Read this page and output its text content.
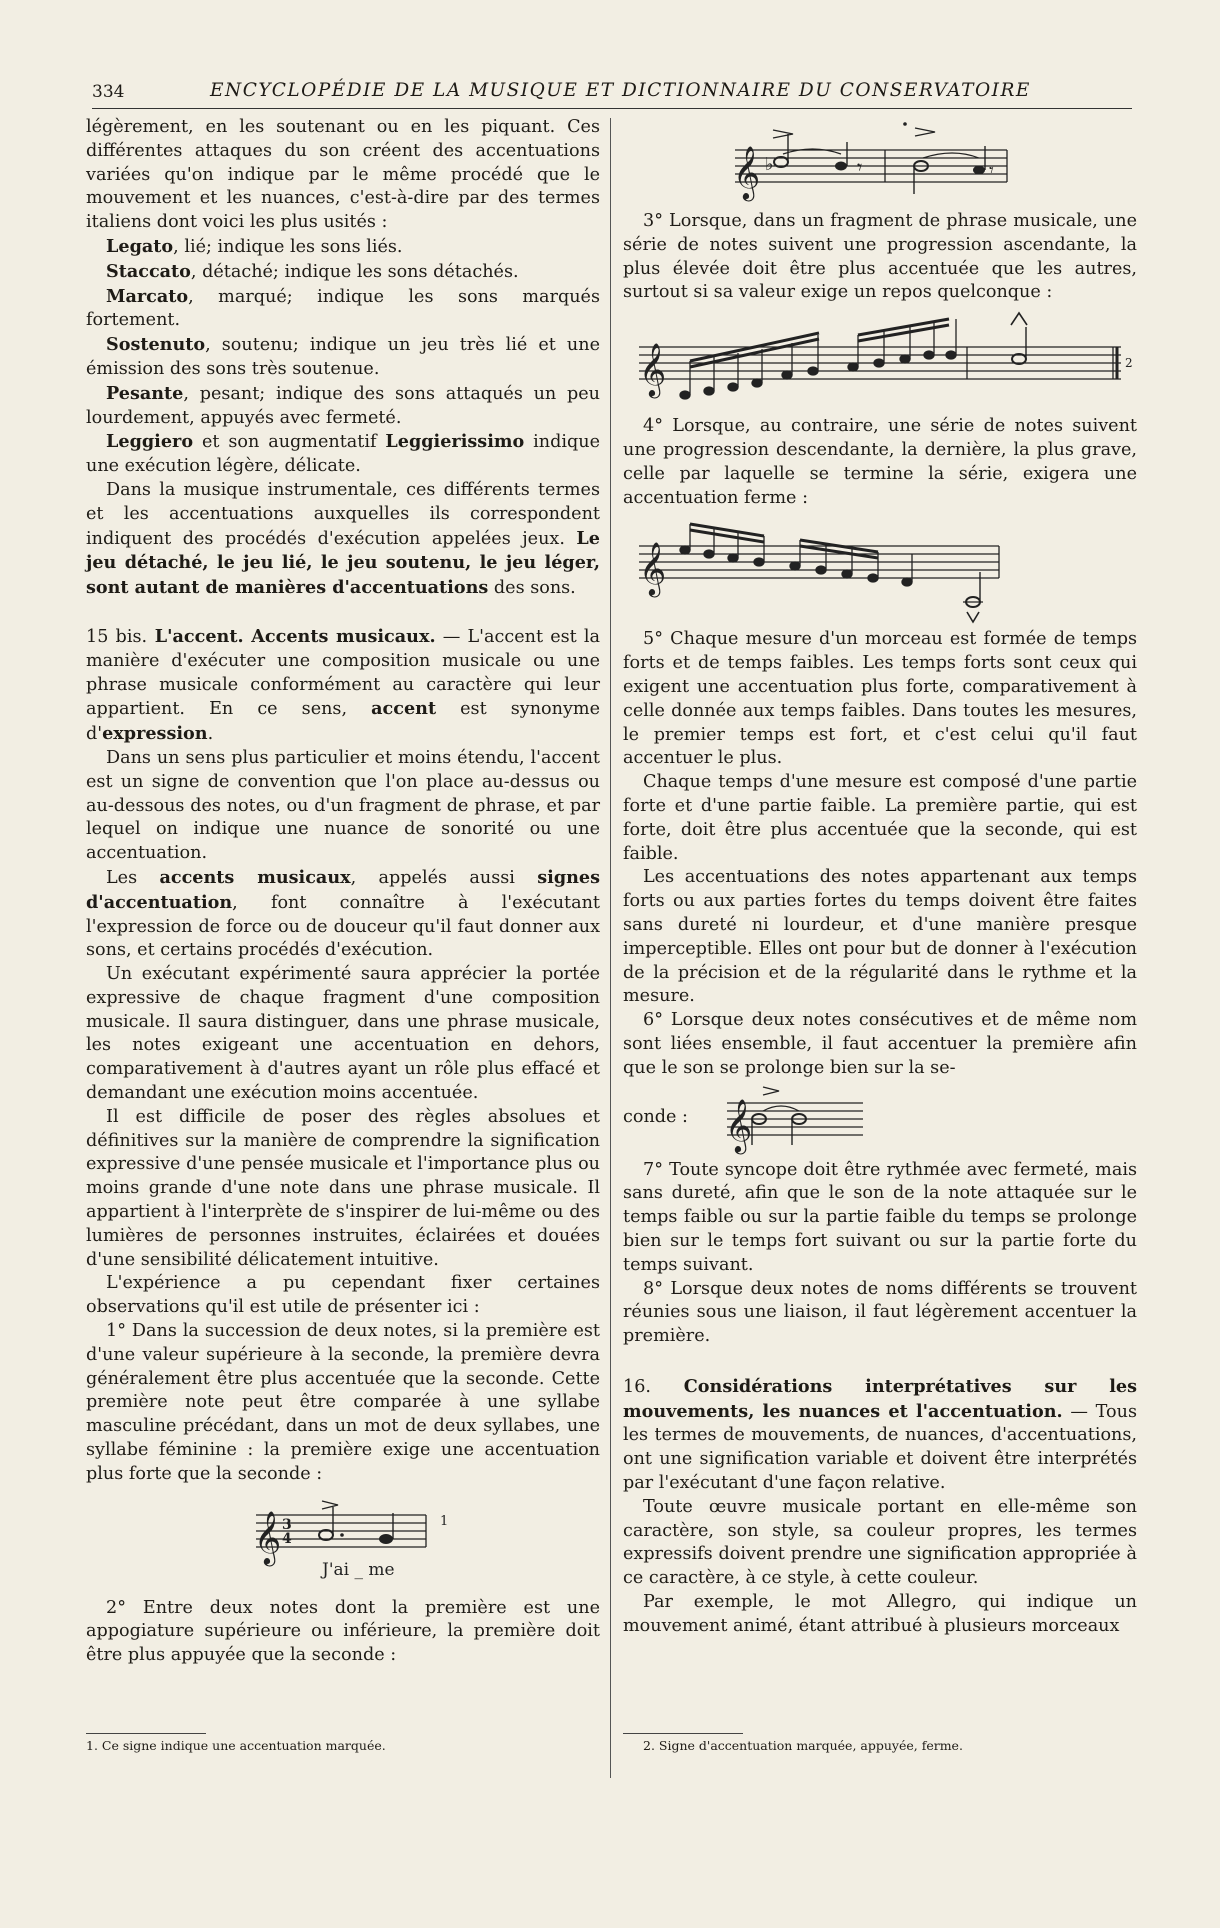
334	ENCYCLOPÉDIE DE LA MUSIQUE ET DICTIONNAIRE DU CONSERVATOIRE

légèrement, en les soutenant ou en les piquant. Ces différentes attaques du son créent des accentuations variées qu'on indique par le même procédé que le mouvement et les nuances, c'est-à-dire par des termes italiens dont voici les plus usités :

Legato, lié; indique les sons liés.

Staccato, détaché; indique les sons détachés.

Marcato, marqué; indique les sons marqués fortement.

Sostenuto, soutenu; indique un jeu très lié et une émission des sons très soutenue.

Pesante, pesant; indique des sons attaqués un peu lourdement, appuyés avec fermeté.

Leggiero et son augmentatif Leggierissimo indique une exécution légère, délicate.

Dans la musique instrumentale, ces différents termes et les accentuations auxquelles ils correspondent indiquent des procédés d'exécution appelées jeux. Le jeu détaché, le jeu lié, le jeu soutenu, le jeu léger, sont autant de manières d'accentuations des sons.

15 bis. L'accent. Accents musicaux. — L'accent est la manière d'exécuter une composition musicale ou une phrase musicale conformément au caractère qui leur appartient. En ce sens, accent est synonyme d'expression.

Dans un sens plus particulier et moins étendu, l'accent est un signe de convention que l'on place au-dessus ou au-dessous des notes, ou d'un fragment de phrase, et par lequel on indique une nuance de sonorité ou une accentuation.

Les accents musicaux, appelés aussi signes d'accentuation, font connaître à l'exécutant l'expression de force ou de douceur qu'il faut donner aux sons, et certains procédés d'exécution.

Un exécutant expérimenté saura apprécier la portée expressive de chaque fragment d'une composition musicale. Il saura distinguer, dans une phrase musicale, les notes exigeant une accentuation en dehors, comparativement à d'autres ayant un rôle plus effacé et demandant une exécution moins accentuée.

Il est difficile de poser des règles absolues et définitives sur la manière de comprendre la signification expressive d'une pensée musicale et l'importance plus ou moins grande d'une note dans une phrase musicale. Il appartient à l'interprète de s'inspirer de lui-même ou des lumières de personnes instruites, éclairées et douées d'une sensibilité délicatement intuitive.

L'expérience a pu cependant fixer certaines observations qu'il est utile de présenter ici :

1° Dans la succession de deux notes, si la première est d'une valeur supérieure à la seconde, la première devra généralement être plus accentuée que la seconde. Cette première note peut être comparée à une syllabe masculine précédant, dans un mot de deux syllabes, une syllabe féminine : la première exige une accentuation plus forte que la seconde :

𝄞 3
4
1
J'ai _ me

2° Entre deux notes dont la première est une appogiature supérieure ou inférieure, la première doit être plus appuyée que la seconde :

𝄞 ♭	𝄾	𝄾

3° Lorsque, dans un fragment de phrase musicale, une série de notes suivent une progression ascendante, la plus élevée doit être plus accentuée que les autres, surtout si sa valeur exige un repos quelconque :

𝄞	2

4° Lorsque, au contraire, une série de notes suivent une progression descendante, la dernière, la plus grave, celle par laquelle se termine la série, exigera une accentuation ferme :

𝄞

5° Chaque mesure d'un morceau est formée de temps forts et de temps faibles. Les temps forts sont ceux qui exigent une accentuation plus forte, comparativement à celle donnée aux temps faibles. Dans toutes les mesures, le premier temps est fort, et c'est celui qu'il faut accentuer le plus.

Chaque temps d'une mesure est composé d'une partie forte et d'une partie faible. La première partie, qui est forte, doit être plus accentuée que la seconde, qui est faible.

Les accentuations des notes appartenant aux temps forts ou aux parties fortes du temps doivent être faites sans dureté ni lourdeur, et d'une manière presque imperceptible. Elles ont pour but de donner à l'exécution de la précision et de la régularité dans le rythme et la mesure.

6° Lorsque deux notes consécutives et de même nom sont liées ensemble, il faut accentuer la première afin que le son se prolonge bien sur la se-

conde : 𝄞

7° Toute syncope doit être rythmée avec fermeté, mais sans dureté, afin que le son de la note attaquée sur le temps faible ou sur la partie faible du temps se prolonge bien sur le temps fort suivant ou sur la partie forte du temps suivant.

8° Lorsque deux notes de noms différents se trouvent réunies sous une liaison, il faut légèrement accentuer la première.

16. Considérations interprétatives sur les mouvements, les nuances et l'accentuation. — Tous les termes de mouvements, de nuances, d'accentuations, ont une signification variable et doivent être interprétés par l'exécutant d'une façon relative.

Toute œuvre musicale portant en elle-même son caractère, son style, sa couleur propres, les termes expressifs doivent prendre une signification appropriée à ce caractère, à ce style, à cette couleur.

Par exemple, le mot Allegro, qui indique un mouvement animé, étant attribué à plusieurs morceaux

1. Ce signe indique une accentuation marquée.	2. Signe d'accentuation marquée, appuyée, ferme.
